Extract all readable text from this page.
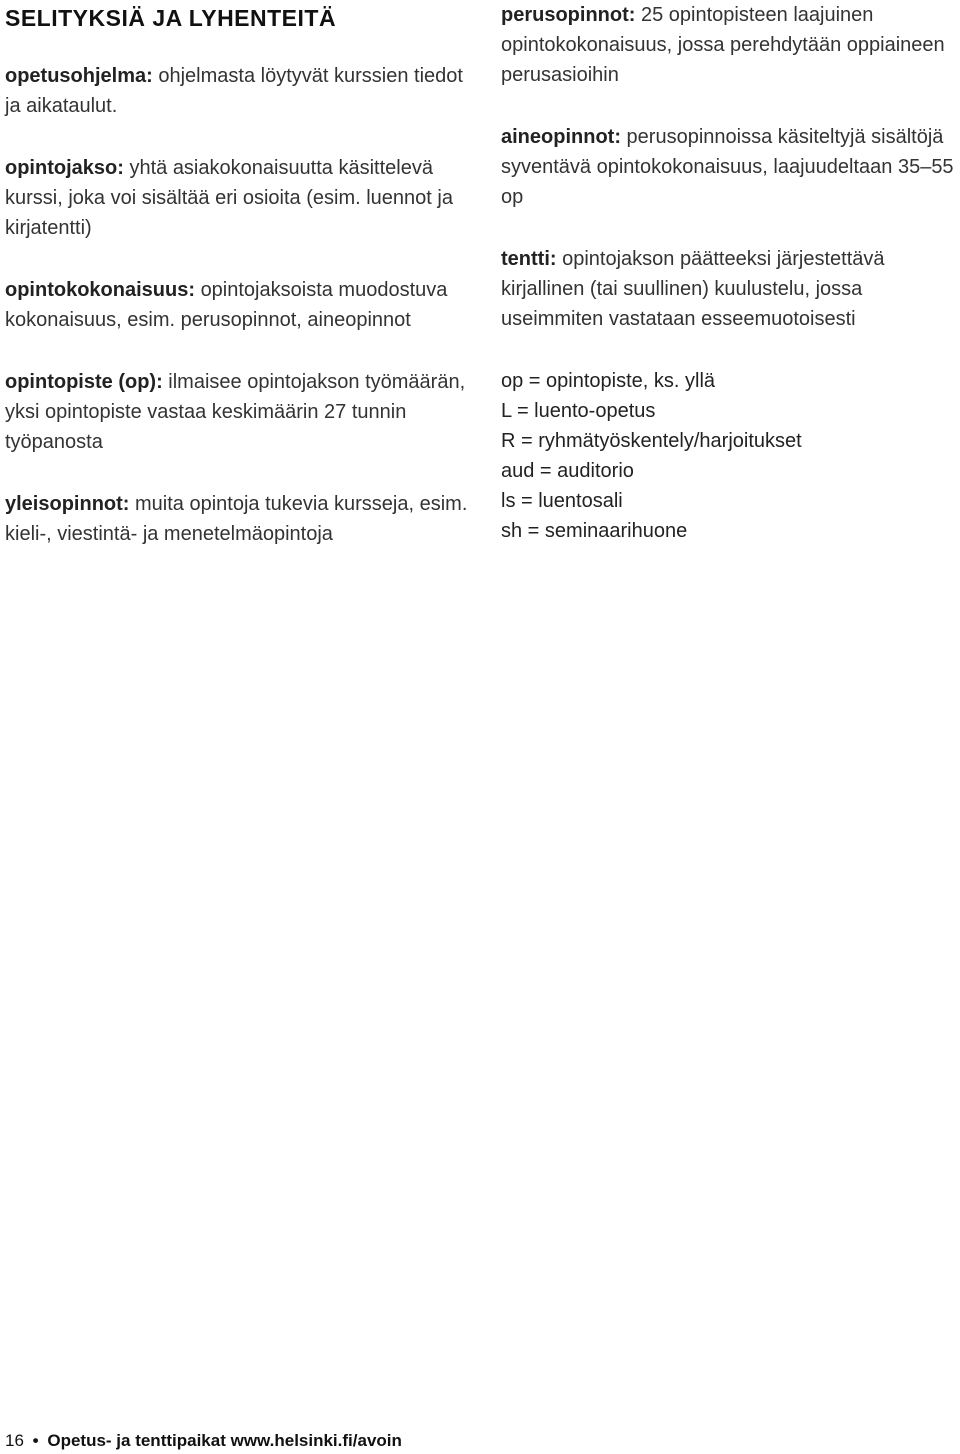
SELITYKSIÄ JA LYHENTEITÄ

opetusohjelma: ohjelmasta löytyvät kurssien tiedot ja aikataulut.

opintojakso: yhtä asiakokonaisuutta käsittelevä kurssi, joka voi sisältää eri osioita (esim. luennot ja kirjatentti)

opintokokonaisuus: opintojaksoista muodostuva kokonaisuus, esim. perusopinnot, aineopinnot

opintopiste (op): ilmaisee opintojakson työmäärän, yksi opintopiste vastaa keskimäärin 27 tunnin työpanosta

yleisopinnot: muita opintoja tukevia kursseja, esim. kieli-, viestintä- ja menetelmäopintoja

perusopinnot: 25 opintopisteen laajuinen opintokokonaisuus, jossa perehdytään oppiaineen perusasioihin

aineopinnot: perusopinnoissa käsiteltyjä sisältöjä syventävä opintokokonaisuus, laajuudeltaan 35–55 op

tentti: opintojakson päätteeksi järjestettävä kirjallinen (tai suullinen) kuulustelu, jossa useimmiten vastataan esseemuotoisesti

op = opintopiste, ks. yllä
L = luento-opetus
R = ryhmätyöskentely/harjoitukset
aud = auditorio
ls = luentosali
sh = seminaarihuone
16 • Opetus- ja tenttipaikat www.helsinki.fi/avoin
